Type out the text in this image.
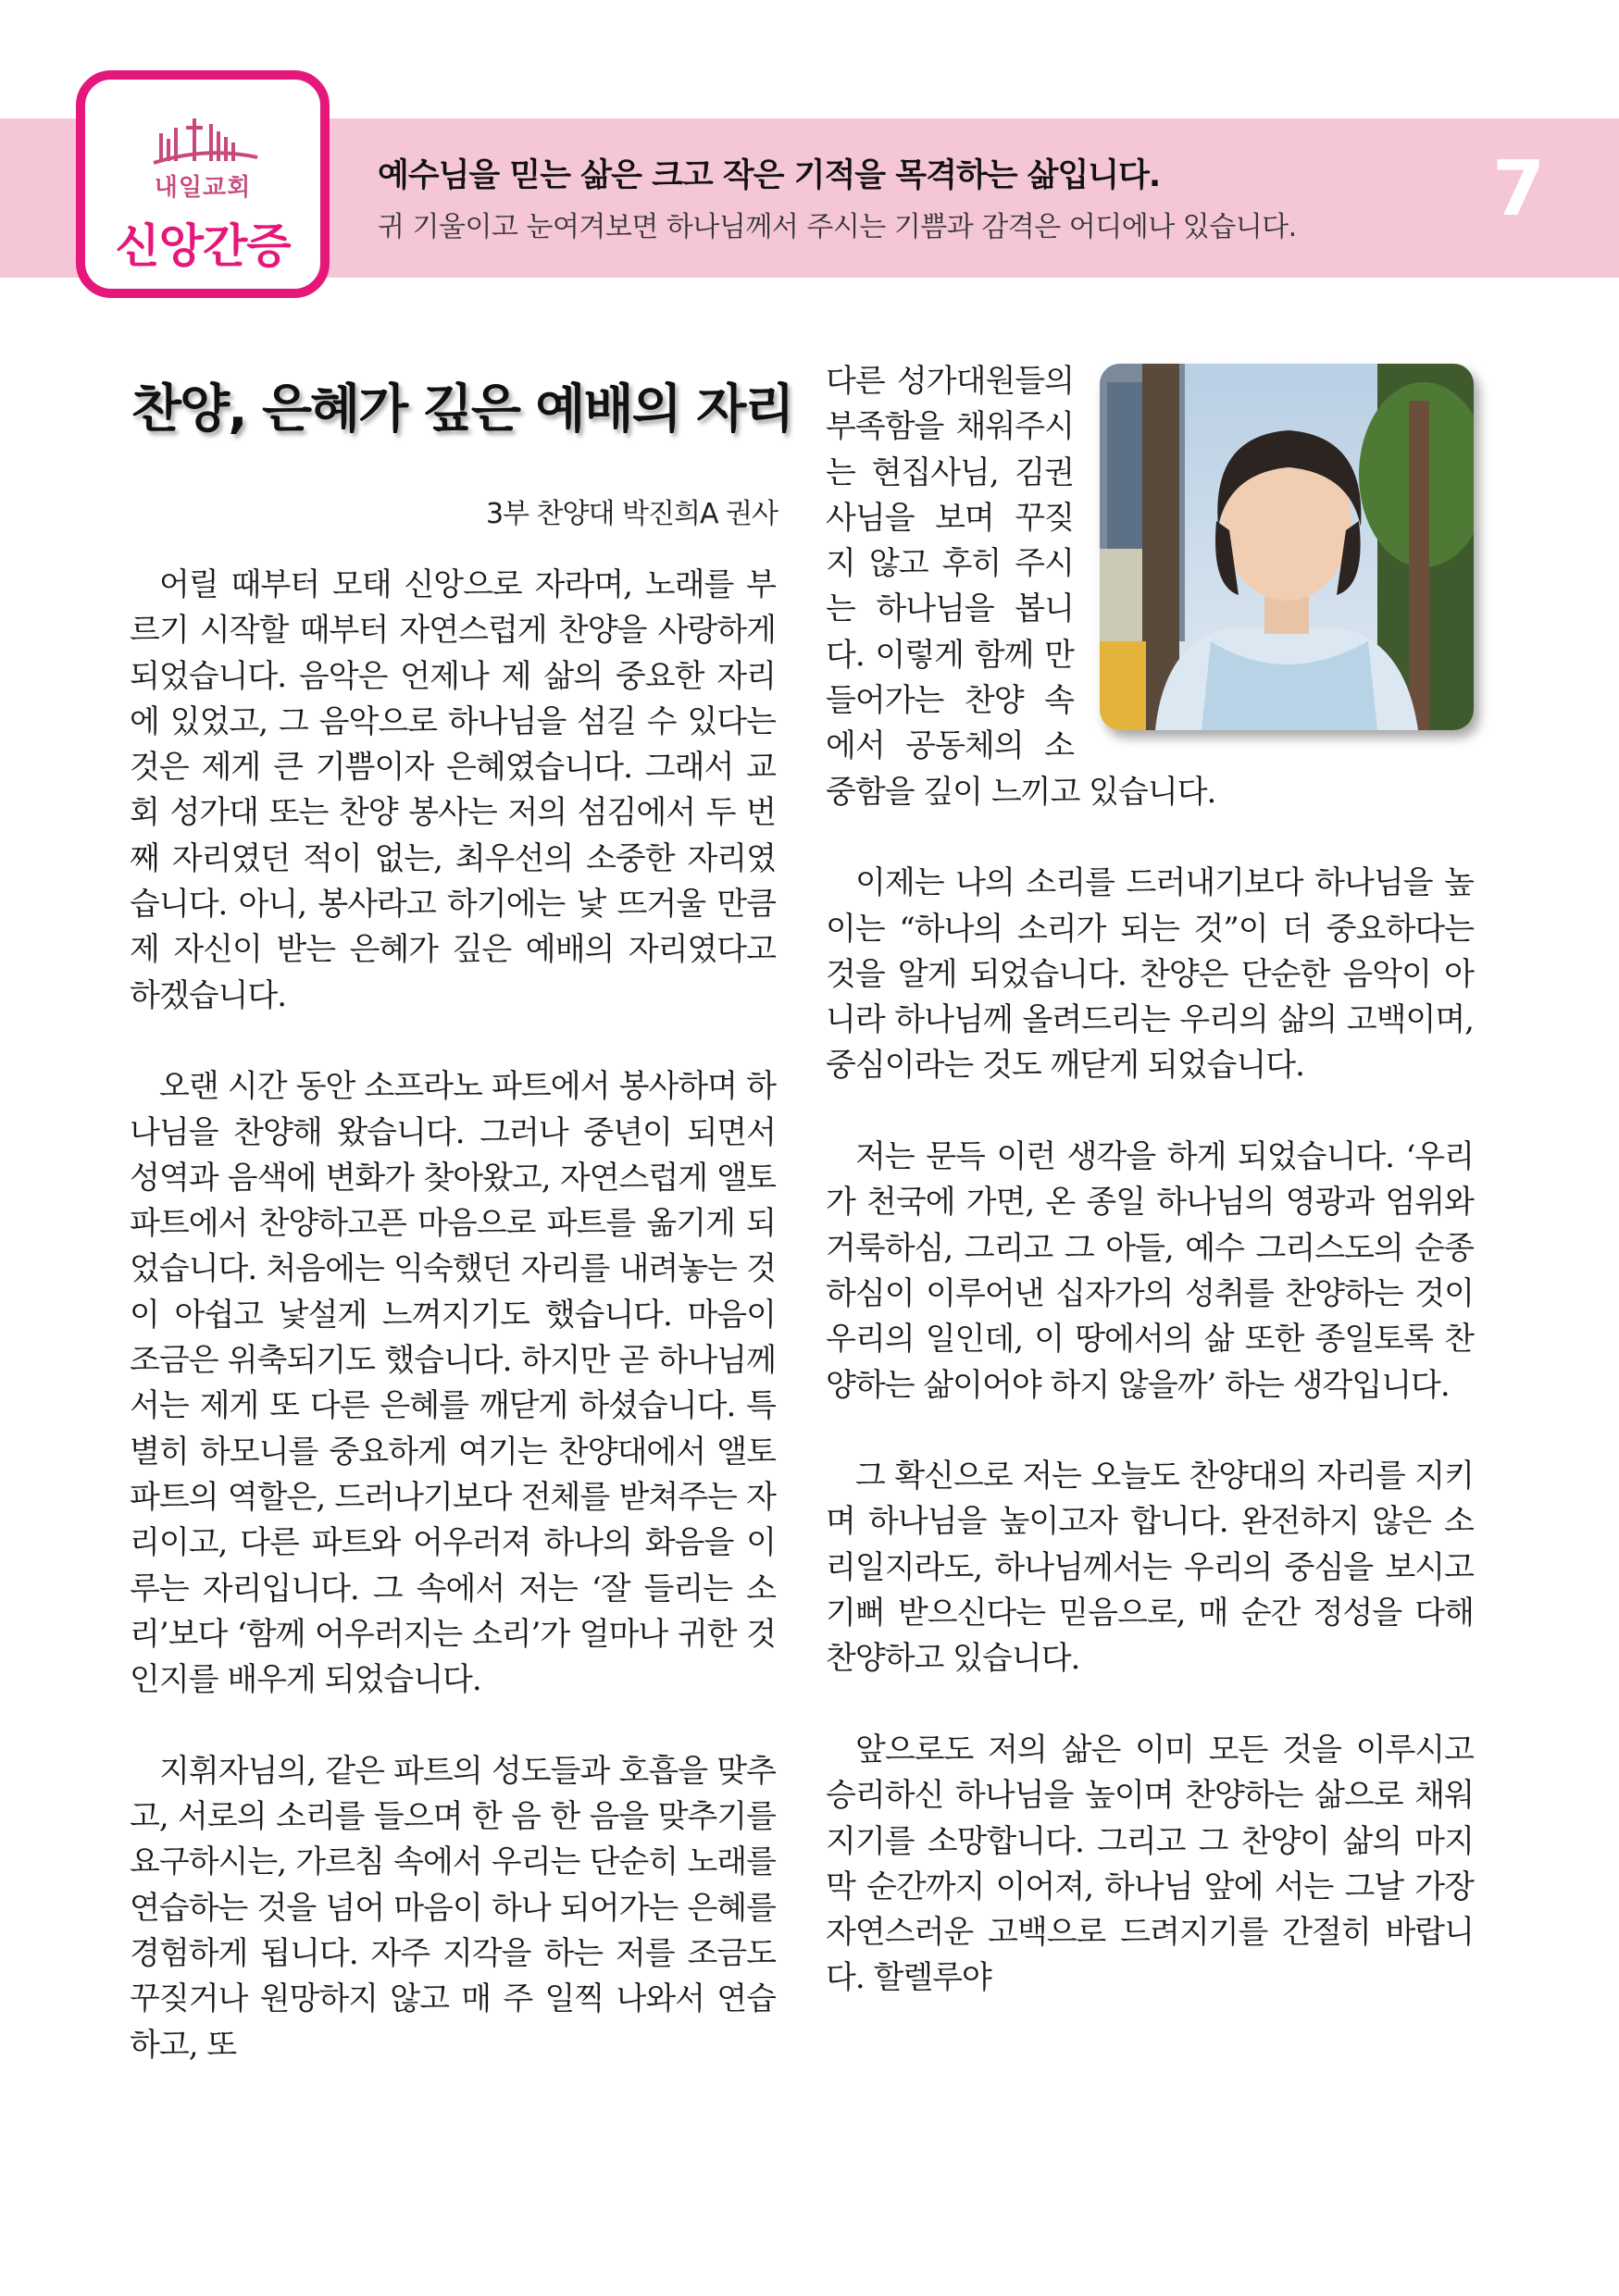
내일교회
신앙간증
예수님을 믿는 삶은 크고 작은 기적을 목격하는 삶입니다.
귀 기울이고 눈여겨보면 하나님께서 주시는 기쁨과 감격은 어디에나 있습니다.	7
찬양, 은혜가 깊은 예배의 자리
3부 찬양대 박진희A 권사

어릴 때부터 모태 신앙으로 자라며, 노래를 부르기 시작할 때부터 자연스럽게 찬양을 사랑하게 되었습니다. 음악은 언제나 제 삶의 중요한 자리에 있었고, 그 음악으로 하나님을 섬길 수 있다는 것은 제게 큰 기쁨이자 은혜였습니다. 그래서 교회 성가대 또는 찬양 봉사는 저의 섬김에서 두 번째 자리였던 적이 없는, 최우선의 소중한 자리였습니다. 아니, 봉사라고 하기에는 낯 뜨거울 만큼 제 자신이 받는 은혜가 깊은 예배의 자리였다고 하겠습니다.

오랜 시간 동안 소프라노 파트에서 봉사하며 하나님을 찬양해 왔습니다. 그러나 중년이 되면서 성역과 음색에 변화가 찾아왔고, 자연스럽게 앨토 파트에서 찬양하고픈 마음으로 파트를 옮기게 되었습니다. 처음에는 익숙했던 자리를 내려놓는 것이 아쉽고 낯설게 느껴지기도 했습니다. 마음이 조금은 위축되기도 했습니다. 하지만 곧 하나님께서는 제게 또 다른 은혜를 깨닫게 하셨습니다. 특별히 하모니를 중요하게 여기는 찬양대에서 앨토파트의 역할은, 드러나기보다 전체를 받쳐주는 자리이고, 다른 파트와 어우러져 하나의 화음을 이루는 자리입니다. 그 속에서 저는 ‘잘 들리는 소리’보다 ‘함께 어우러지는 소리’가 얼마나 귀한 것인지를 배우게 되었습니다.

지휘자님의, 같은 파트의 성도들과 호흡을 맞추고, 서로의 소리를 들으며 한 음 한 음을 맞추기를 요구하시는, 가르침 속에서 우리는 단순히 노래를 연습하는 것을 넘어 마음이 하나 되어가는 은혜를 경험하게 됩니다. 자주 지각을 하는 저를 조금도 꾸짖거나 원망하지 않고 매 주 일찍 나와서 연습하고, 또

다른 성가대원들의 부족함을 채워주시는 현집사님, 김권사님을 보며 꾸짖지 않고 후히 주시는 하나님을 봅니다. 이렇게 함께 만들어가는 찬양 속에서 공동체의 소중함을 깊이 느끼고 있습니다.

이제는 나의 소리를 드러내기보다 하나님을 높이는 “하나의 소리가 되는 것”이 더 중요하다는 것을 알게 되었습니다. 찬양은 단순한 음악이 아니라 하나님께 올려드리는 우리의 삶의 고백이며, 중심이라는 것도 깨닫게 되었습니다.

저는 문득 이런 생각을 하게 되었습니다. ‘우리가 천국에 가면, 온 종일 하나님의 영광과 엄위와 거룩하심, 그리고 그 아들, 예수 그리스도의 순종하심이 이루어낸 십자가의 성취를 찬양하는 것이 우리의 일인데, 이 땅에서의 삶 또한 종일토록 찬양하는 삶이어야 하지 않을까’ 하는 생각입니다.

그 확신으로 저는 오늘도 찬양대의 자리를 지키며 하나님을 높이고자 합니다. 완전하지 않은 소리일지라도, 하나님께서는 우리의 중심을 보시고 기뻐 받으신다는 믿음으로, 매 순간 정성을 다해 찬양하고 있습니다.

앞으로도 저의 삶은 이미 모든 것을 이루시고 승리하신 하나님을 높이며 찬양하는 삶으로 채워지기를 소망합니다. 그리고 그 찬양이 삶의 마지막 순간까지 이어져, 하나님 앞에 서는 그날 가장 자연스러운 고백으로 드려지기를 간절히 바랍니다. 할렐루야
